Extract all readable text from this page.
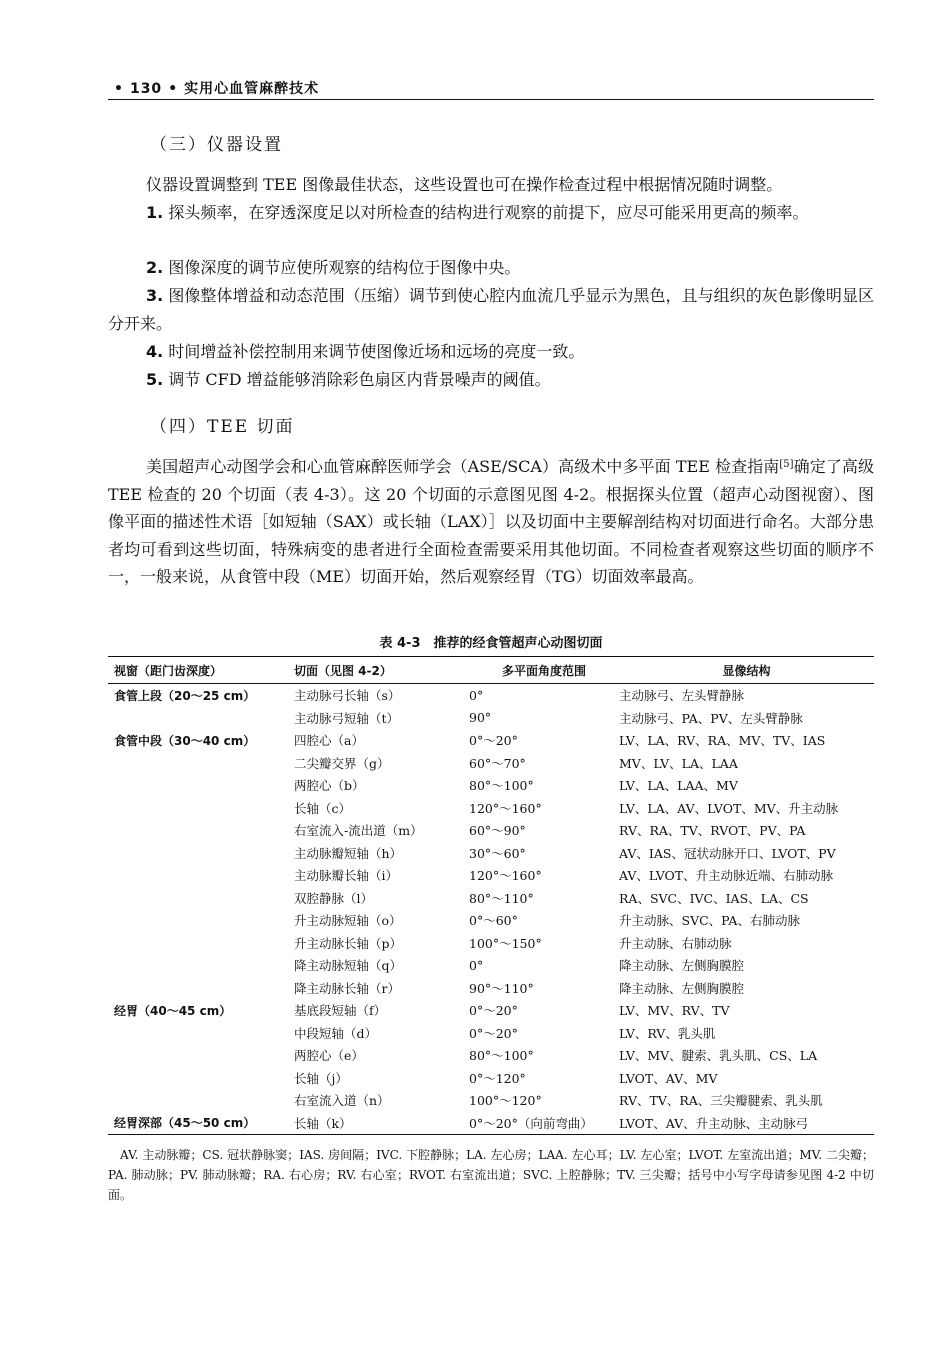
• 130 • 实用心血管麻醉技术
（三）仪器设置
仪器设置调整到 TEE 图像最佳状态，这些设置也可在操作检查过程中根据情况随时调整。
1. 探头频率，在穿透深度足以对所检查的结构进行观察的前提下，应尽可能采用更高的频率。
2. 图像深度的调节应使所观察的结构位于图像中央。
3. 图像整体增益和动态范围（压缩）调节到使心腔内血流几乎显示为黑色，且与组织的灰色影像明显区分开来。
4. 时间增益补偿控制用来调节使图像近场和远场的亮度一致。
5. 调节 CFD 增益能够消除彩色扇区内背景噪声的阈值。
（四）TEE 切面
美国超声心动图学会和心血管麻醉医师学会（ASE/SCA）高级术中多平面 TEE 检查指南[5]确定了高级 TEE 检查的 20 个切面（表 4-3）。这 20 个切面的示意图见图 4-2。根据探头位置（超声心动图视窗）、图像平面的描述性术语［如短轴（SAX）或长轴（LAX）］以及切面中主要解剖结构对切面进行命名。大部分患者均可看到这些切面，特殊病变的患者进行全面检查需要采用其他切面。不同检查者观察这些切面的顺序不一，一般来说，从食管中段（ME）切面开始，然后观察经胃（TG）切面效率最高。
表 4-3　推荐的经食管超声心动图切面
视窗（距门齿深度）	切面（见图 4-2）	多平面角度范围	显像结构
食管上段（20～25 cm）	主动脉弓长轴（s）	0°	主动脉弓、左头臂静脉
	主动脉弓短轴（t）	90°	主动脉弓、PA、PV、左头臂静脉
食管中段（30～40 cm）	四腔心（a）	0°～20°	LV、LA、RV、RA、MV、TV、IAS
	二尖瓣交界（g）	60°～70°	MV、LV、LA、LAA
	两腔心（b）	80°～100°	LV、LA、LAA、MV
	长轴（c）	120°～160°	LV、LA、AV、LVOT、MV、升主动脉
	右室流入-流出道（m）	60°～90°	RV、RA、TV、RVOT、PV、PA
	主动脉瓣短轴（h）	30°～60°	AV、IAS、冠状动脉开口、LVOT、PV
	主动脉瓣长轴（i）	120°～160°	AV、LVOT、升主动脉近端、右肺动脉
	双腔静脉（l）	80°～110°	RA、SVC、IVC、IAS、LA、CS
	升主动脉短轴（o）	0°～60°	升主动脉、SVC、PA、右肺动脉
	升主动脉长轴（p）	100°～150°	升主动脉、右肺动脉
	降主动脉短轴（q）	0°	降主动脉、左侧胸膜腔
	降主动脉长轴（r）	90°～110°	降主动脉、左侧胸膜腔
经胃（40～45 cm）	基底段短轴（f）	0°～20°	LV、MV、RV、TV
	中段短轴（d）	0°～20°	LV、RV、乳头肌
	两腔心（e）	80°～100°	LV、MV、腱索、乳头肌、CS、LA
	长轴（j）	0°～120°	LVOT、AV、MV
	右室流入道（n）	100°～120°	RV、TV、RA、三尖瓣腱索、乳头肌
经胃深部（45～50 cm）	长轴（k）	0°～20°（向前弯曲）	LVOT、AV、升主动脉、主动脉弓
AV. 主动脉瓣；CS. 冠状静脉窦；IAS. 房间隔；IVC. 下腔静脉；LA. 左心房；LAA. 左心耳；LV. 左心室；LVOT. 左室流出道；MV. 二尖瓣；PA. 肺动脉；PV. 肺动脉瓣；RA. 右心房；RV. 右心室；RVOT. 右室流出道；SVC. 上腔静脉；TV. 三尖瓣；括号中小写字母请参见图 4-2 中切面。
